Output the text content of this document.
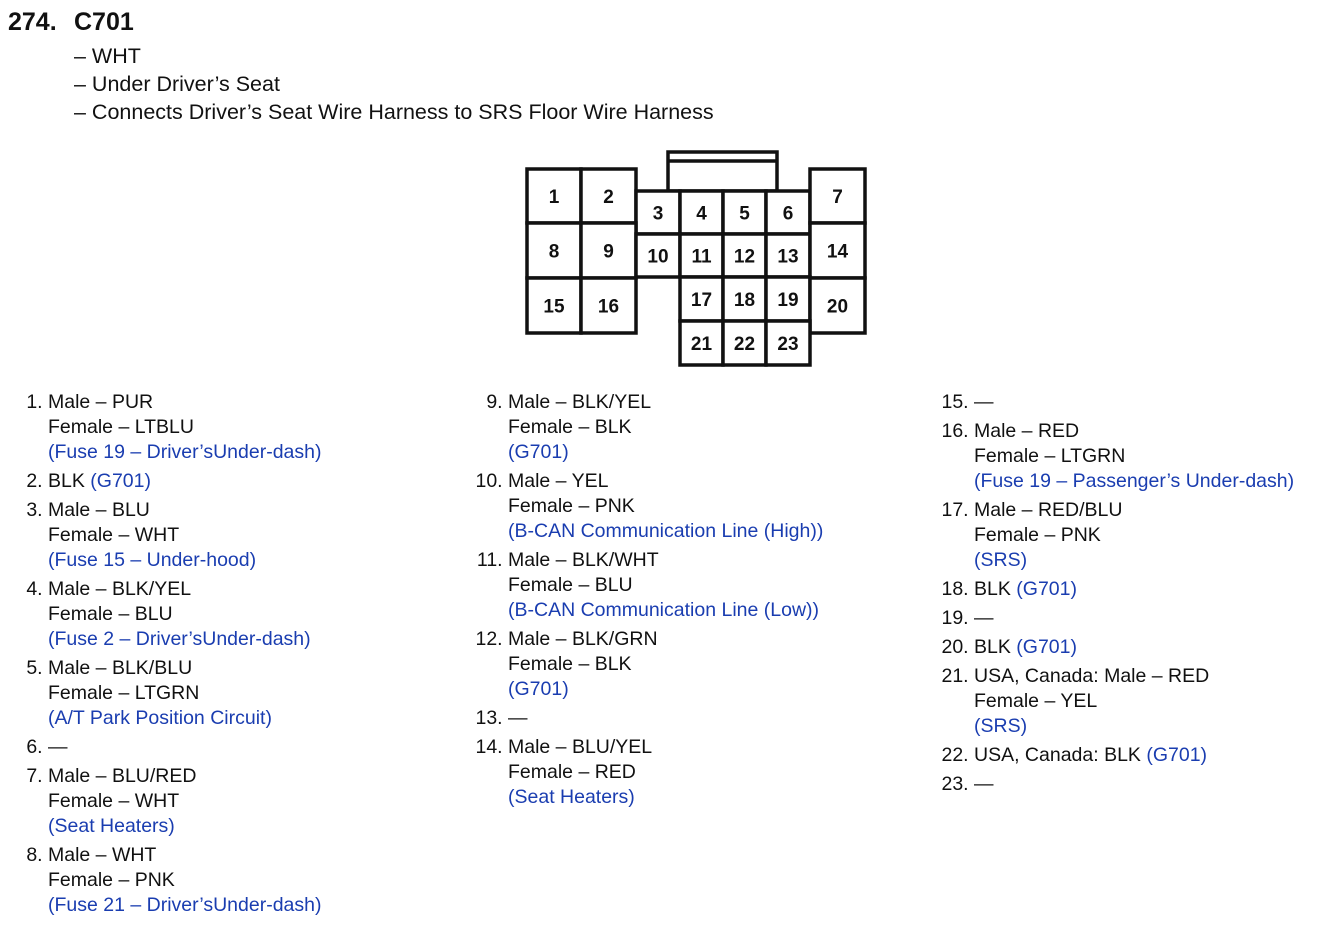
274. C701
– WHT
– Under Driver’s Seat
– Connects Driver’s Seat Wire Harness to SRS Floor Wire Harness
1 2
3 4 5 6
7
8 9 10 11 12 13 14
15 16	17 18 19 20
21 22 23
1. Male – PUR
Female – LTBLU
(Fuse 19 – Driver’sUnder-dash)
2. BLK (G701)
3. Male – BLU
Female – WHT
(Fuse 15 – Under-hood)
4. Male – BLK/YEL
Female – BLU
(Fuse 2 – Driver’sUnder-dash)
5. Male – BLK/BLU
Female – LTGRN
(A/T Park Position Circuit)
6. —
7. Male – BLU/RED
Female – WHT
(Seat Heaters)
8. Male – WHT
Female – PNK
(Fuse 21 – Driver’sUnder-dash)
9. Male – BLK/YEL
Female – BLK
(G701)
10. Male – YEL
Female – PNK
(B-CAN Communication Line (High))
11. Male – BLK/WHT
Female – BLU
(B-CAN Communication Line (Low))
12. Male – BLK/GRN
Female – BLK
(G701)
13. —
14. Male – BLU/YEL
Female – RED
(Seat Heaters)
15. —
16. Male – RED
Female – LTGRN
(Fuse 19 – Passenger’s Under-dash)
17. Male – RED/BLU
Female – PNK
(SRS)
18. BLK (G701)
19. —
20. BLK (G701)
21. USA, Canada: Male – RED
Female – YEL
(SRS)
22. USA, Canada: BLK (G701)
23. —
